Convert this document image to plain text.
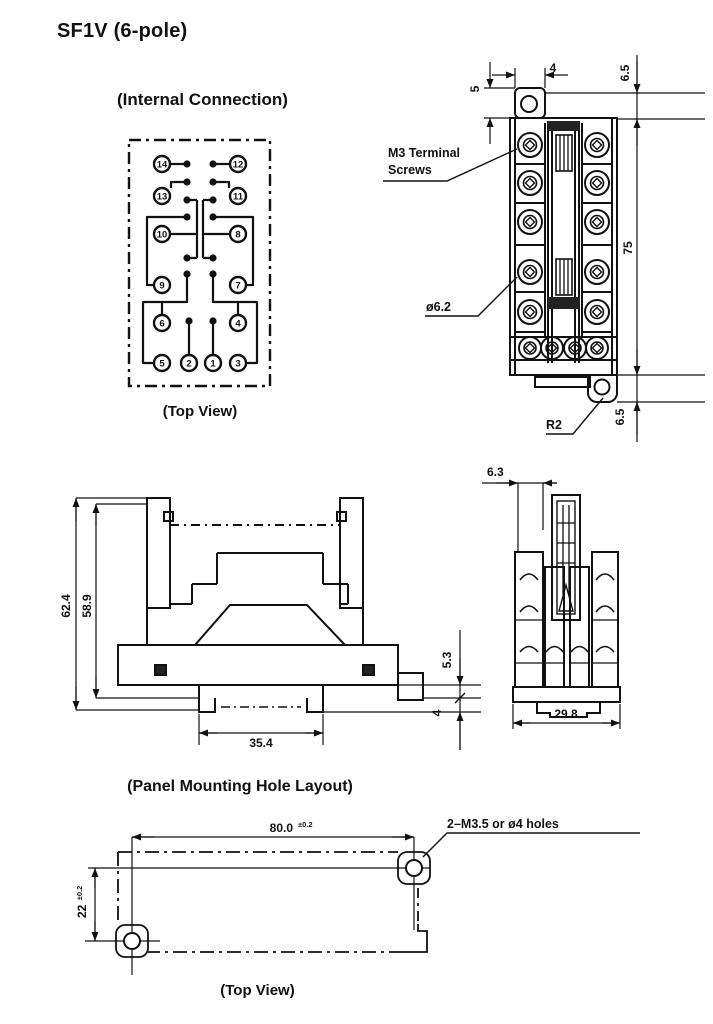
SF1V (6-pole)
(Internal Connection)
14
13
10
9
6
5
12
11
8
7
4
3
2 1
(Top View)
4
5
6.5
75
6.5
M3 Terminal
Screws
ø6.2
R2
62.4 58.9
35.4
5.3
4
6.3
29.8
(Panel Mounting Hole Layout)
80.0 ±0.2
22 $^{\pm 0.2}$
2–M3.5 or ø4 holes
(Top View)
